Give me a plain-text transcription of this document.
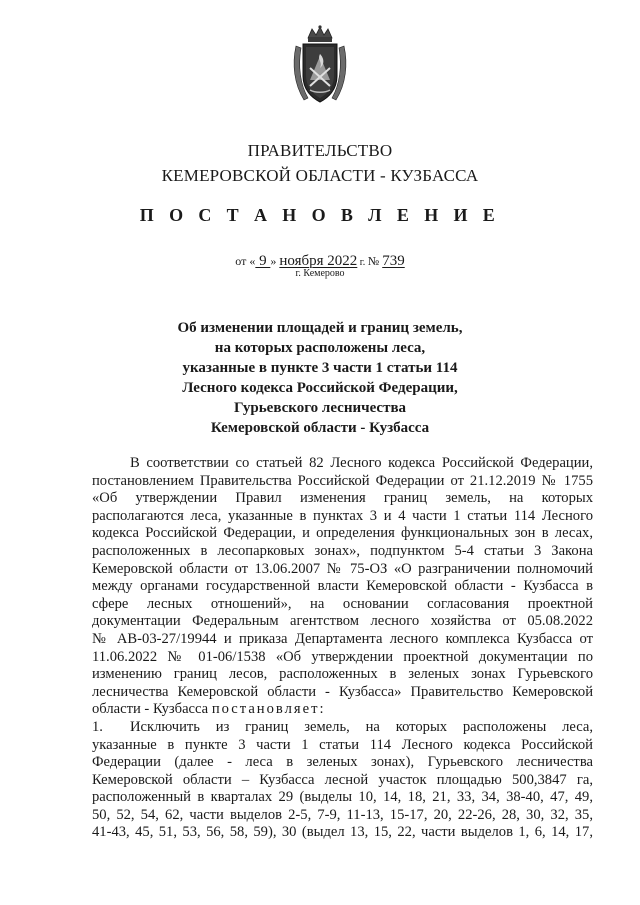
ПРАВИТЕЛЬСТВО
КЕМЕРОВСКОЙ ОБЛАСТИ - КУЗБАССА
П О С Т А Н О В Л Е Н И Е
от « 9 » ноября 2022 г. № 739
г. Кемерово
Об изменении площадей и границ земель,
на которых расположены леса,
указанные в пункте 3 части 1 статьи 114
Лесного кодекса Российской Федерации,
Гурьевского лесничества
Кемеровской области - Кузбасса
В соответствии со статьей 82 Лесного кодекса Российской Федерации,
постановлением Правительства Российской Федерации от 21.12.2019 № 1755
«Об утверждении Правил изменения границ земель, на которых
располагаются леса, указанные в пунктах 3 и 4 части 1 статьи 114 Лесного
кодекса Российской Федерации, и определения функциональных зон в лесах,
расположенных в лесопарковых зонах», подпунктом 5-4 статьи 3 Закона
Кемеровской области от 13.06.2007 № 75-ОЗ «О разграничении полномочий
между органами государственной власти Кемеровской области - Кузбасса в
сфере лесных отношений», на основании согласования проектной
документации Федеральным агентством лесного хозяйства от 05.08.2022
№ АВ-03-27/19944 и приказа Департамента лесного комплекса Кузбасса от
11.06.2022 № 01-06/1538 «Об утверждении проектной документации по
изменению границ лесов, расположенных в зеленых зонах Гурьевского
лесничества Кемеровской области - Кузбасса» Правительство Кемеровской
области - Кузбасса постановляет:
1. Исключить из границ земель, на которых расположены леса,
указанные в пункте 3 части 1 статьи 114 Лесного кодекса Российской
Федерации (далее - леса в зеленых зонах), Гурьевского лесничества
Кемеровской области – Кузбасса лесной участок площадью 500,3847 га,
расположенный в кварталах 29 (выделы 10, 14, 18, 21, 33, 34, 38-40, 47, 49,
50, 52, 54, 62, части выделов 2-5, 7-9, 11-13, 15-17, 20, 22-26, 28, 30, 32, 35,
41-43, 45, 51, 53, 56, 58, 59), 30 (выдел 13, 15, 22, части выделов 1, 6, 14, 17,
